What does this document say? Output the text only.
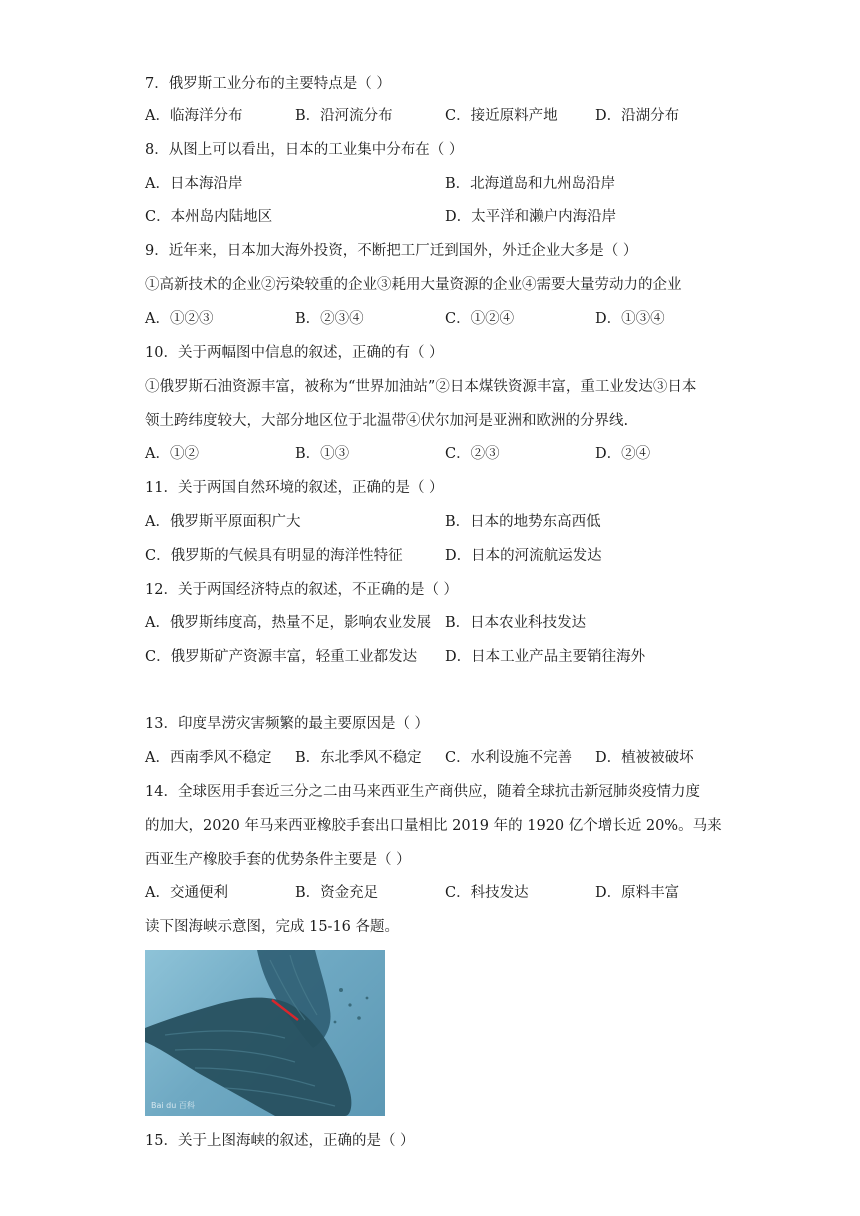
7．俄罗斯工业分布的主要特点是（ ）
A．临海洋分布	B．沿河流分布	C．接近原料产地	D．沿湖分布
8．从图上可以看出，日本的工业集中分布在（ ）
A．日本海沿岸	B．北海道岛和九州岛沿岸
C．本州岛内陆地区	D．太平洋和濑户内海沿岸
9．近年来，日本加大海外投资，不断把工厂迁到国外，外迁企业大多是（ ）
①高新技术的企业②污染较重的企业③耗用大量资源的企业④需要大量劳动力的企业
A．①②③	B．②③④	C．①②④	D．①③④
10．关于两幅图中信息的叙述，正确的有（ ）
①俄罗斯石油资源丰富，被称为“世界加油站”②日本煤铁资源丰富，重工业发达③日本
领土跨纬度较大，大部分地区位于北温带④伏尔加河是亚洲和欧洲的分界线.
A．①②	B．①③	C．②③	D．②④
11．关于两国自然环境的叙述，正确的是（ ）
A．俄罗斯平原面积广大	B．日本的地势东高西低
C．俄罗斯的气候具有明显的海洋性特征	D．日本的河流航运发达
12．关于两国经济特点的叙述，不正确的是（ ）
A．俄罗斯纬度高，热量不足，影响农业发展 B．日本农业科技发达
C．俄罗斯矿产资源丰富，轻重工业都发达 D．日本工业产品主要销往海外
13．印度旱涝灾害频繁的最主要原因是（ ）
A．西南季风不稳定 B．东北季风不稳定 C．水利设施不完善 D．植被被破坏
14．全球医用手套近三分之二由马来西亚生产商供应，随着全球抗击新冠肺炎疫情力度
的加大，2020 年马来西亚橡胶手套出口量相比 2019 年的 1920 亿个增长近 20%。马来
西亚生产橡胶手套的优势条件主要是（ ）
A．交通便利	B．资金充足	C．科技发达	D．原料丰富
读下图海峡示意图，完成 15-16 各题。
Bai du 百科
15．关于上图海峡的叙述，正确的是（ ）
